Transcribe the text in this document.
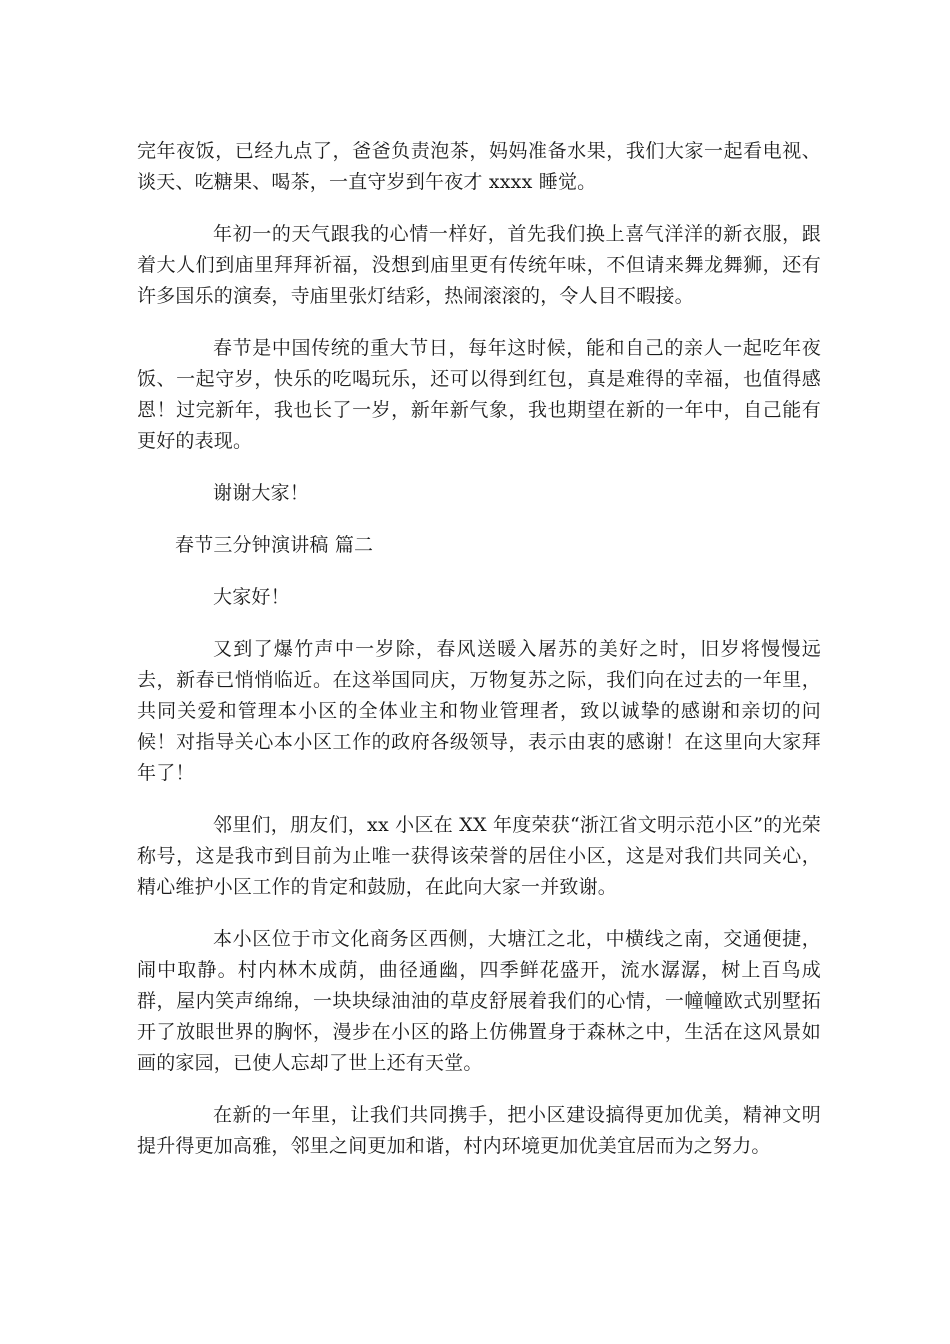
完年夜饭，已经九点了，爸爸负责泡茶，妈妈准备水果，我们大家一起看电视、谈天、吃糖果、喝茶，一直守岁到午夜才 xxxx 睡觉。

年初一的天气跟我的心情一样好，首先我们换上喜气洋洋的新衣服，跟着大人们到庙里拜拜祈福，没想到庙里更有传统年味，不但请来舞龙舞狮，还有许多国乐的演奏，寺庙里张灯结彩，热闹滚滚的，令人目不暇接。

春节是中国传统的重大节日，每年这时候，能和自己的亲人一起吃年夜饭、一起守岁，快乐的吃喝玩乐，还可以得到红包，真是难得的幸福，也值得感恩！过完新年，我也长了一岁，新年新气象，我也期望在新的一年中，自己能有更好的表现。

谢谢大家！

春节三分钟演讲稿 篇二

大家好！

又到了爆竹声中一岁除，春风送暖入屠苏的美好之时，旧岁将慢慢远去，新春已悄悄临近。在这举国同庆，万物复苏之际，我们向在过去的一年里，共同关爱和管理本小区的全体业主和物业管理者，致以诚挚的感谢和亲切的问候！对指导关心本小区工作的政府各级领导，表示由衷的感谢！在这里向大家拜年了！

邻里们，朋友们，xx 小区在 XX 年度荣获“浙江省文明示范小区”的光荣称号，这是我市到目前为止唯一获得该荣誉的居住小区，这是对我们共同关心，精心维护小区工作的肯定和鼓励，在此向大家一并致谢。

本小区位于市文化商务区西侧，大塘江之北，中横线之南，交通便捷，闹中取静。村内林木成荫，曲径通幽，四季鲜花盛开，流水潺潺，树上百鸟成群，屋内笑声绵绵，一块块绿油油的草皮舒展着我们的心情，一幢幢欧式别墅拓开了放眼世界的胸怀，漫步在小区的路上仿佛置身于森林之中，生活在这风景如画的家园，已使人忘却了世上还有天堂。

在新的一年里，让我们共同携手，把小区建设搞得更加优美，精神文明提升得更加高雅，邻里之间更加和谐，村内环境更加优美宜居而为之努力。
